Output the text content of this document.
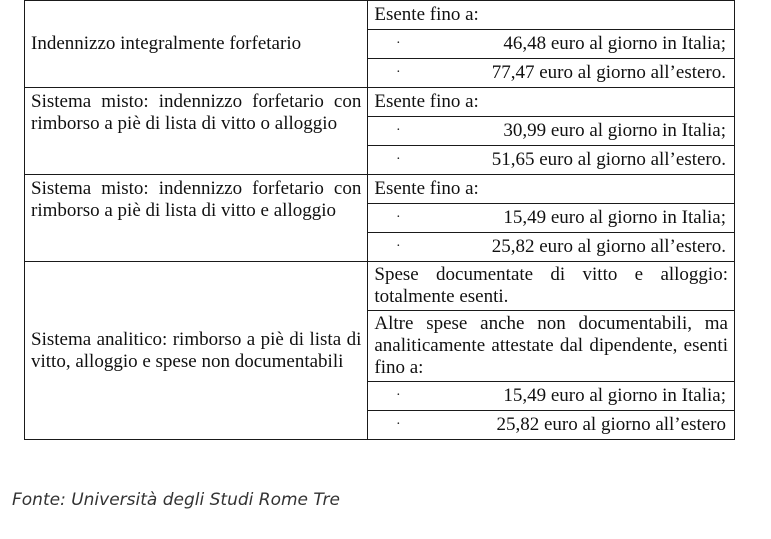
Indennizzo integralmente forfetario	Esente fino a:

	· 46,48 euro al giorno in Italia;

	· 77,47 euro al giorno all’estero.

Sistema misto: indennizzo forfetario con rimborso a piè di lista di vitto o alloggio	Esente fino a:

	· 30,99 euro al giorno in Italia;

	· 51,65 euro al giorno all’estero.

Sistema misto: indennizzo forfetario con rimborso a piè di lista di vitto e alloggio	Esente fino a:

	· 15,49 euro al giorno in Italia;

	· 25,82 euro al giorno all’estero.

Sistema analitico: rimborso a piè di lista di vitto, alloggio e spese non documentabili	Spese documentate di vitto e alloggio: totalmente esenti.
	Altre spese anche non documentabili, ma analiticamente attestate dal dipendente, esenti fino a:

	· 15,49 euro al giorno in Italia;

	· 25,82 euro al giorno all’estero
Fonte: Università degli Studi Rome Tre
